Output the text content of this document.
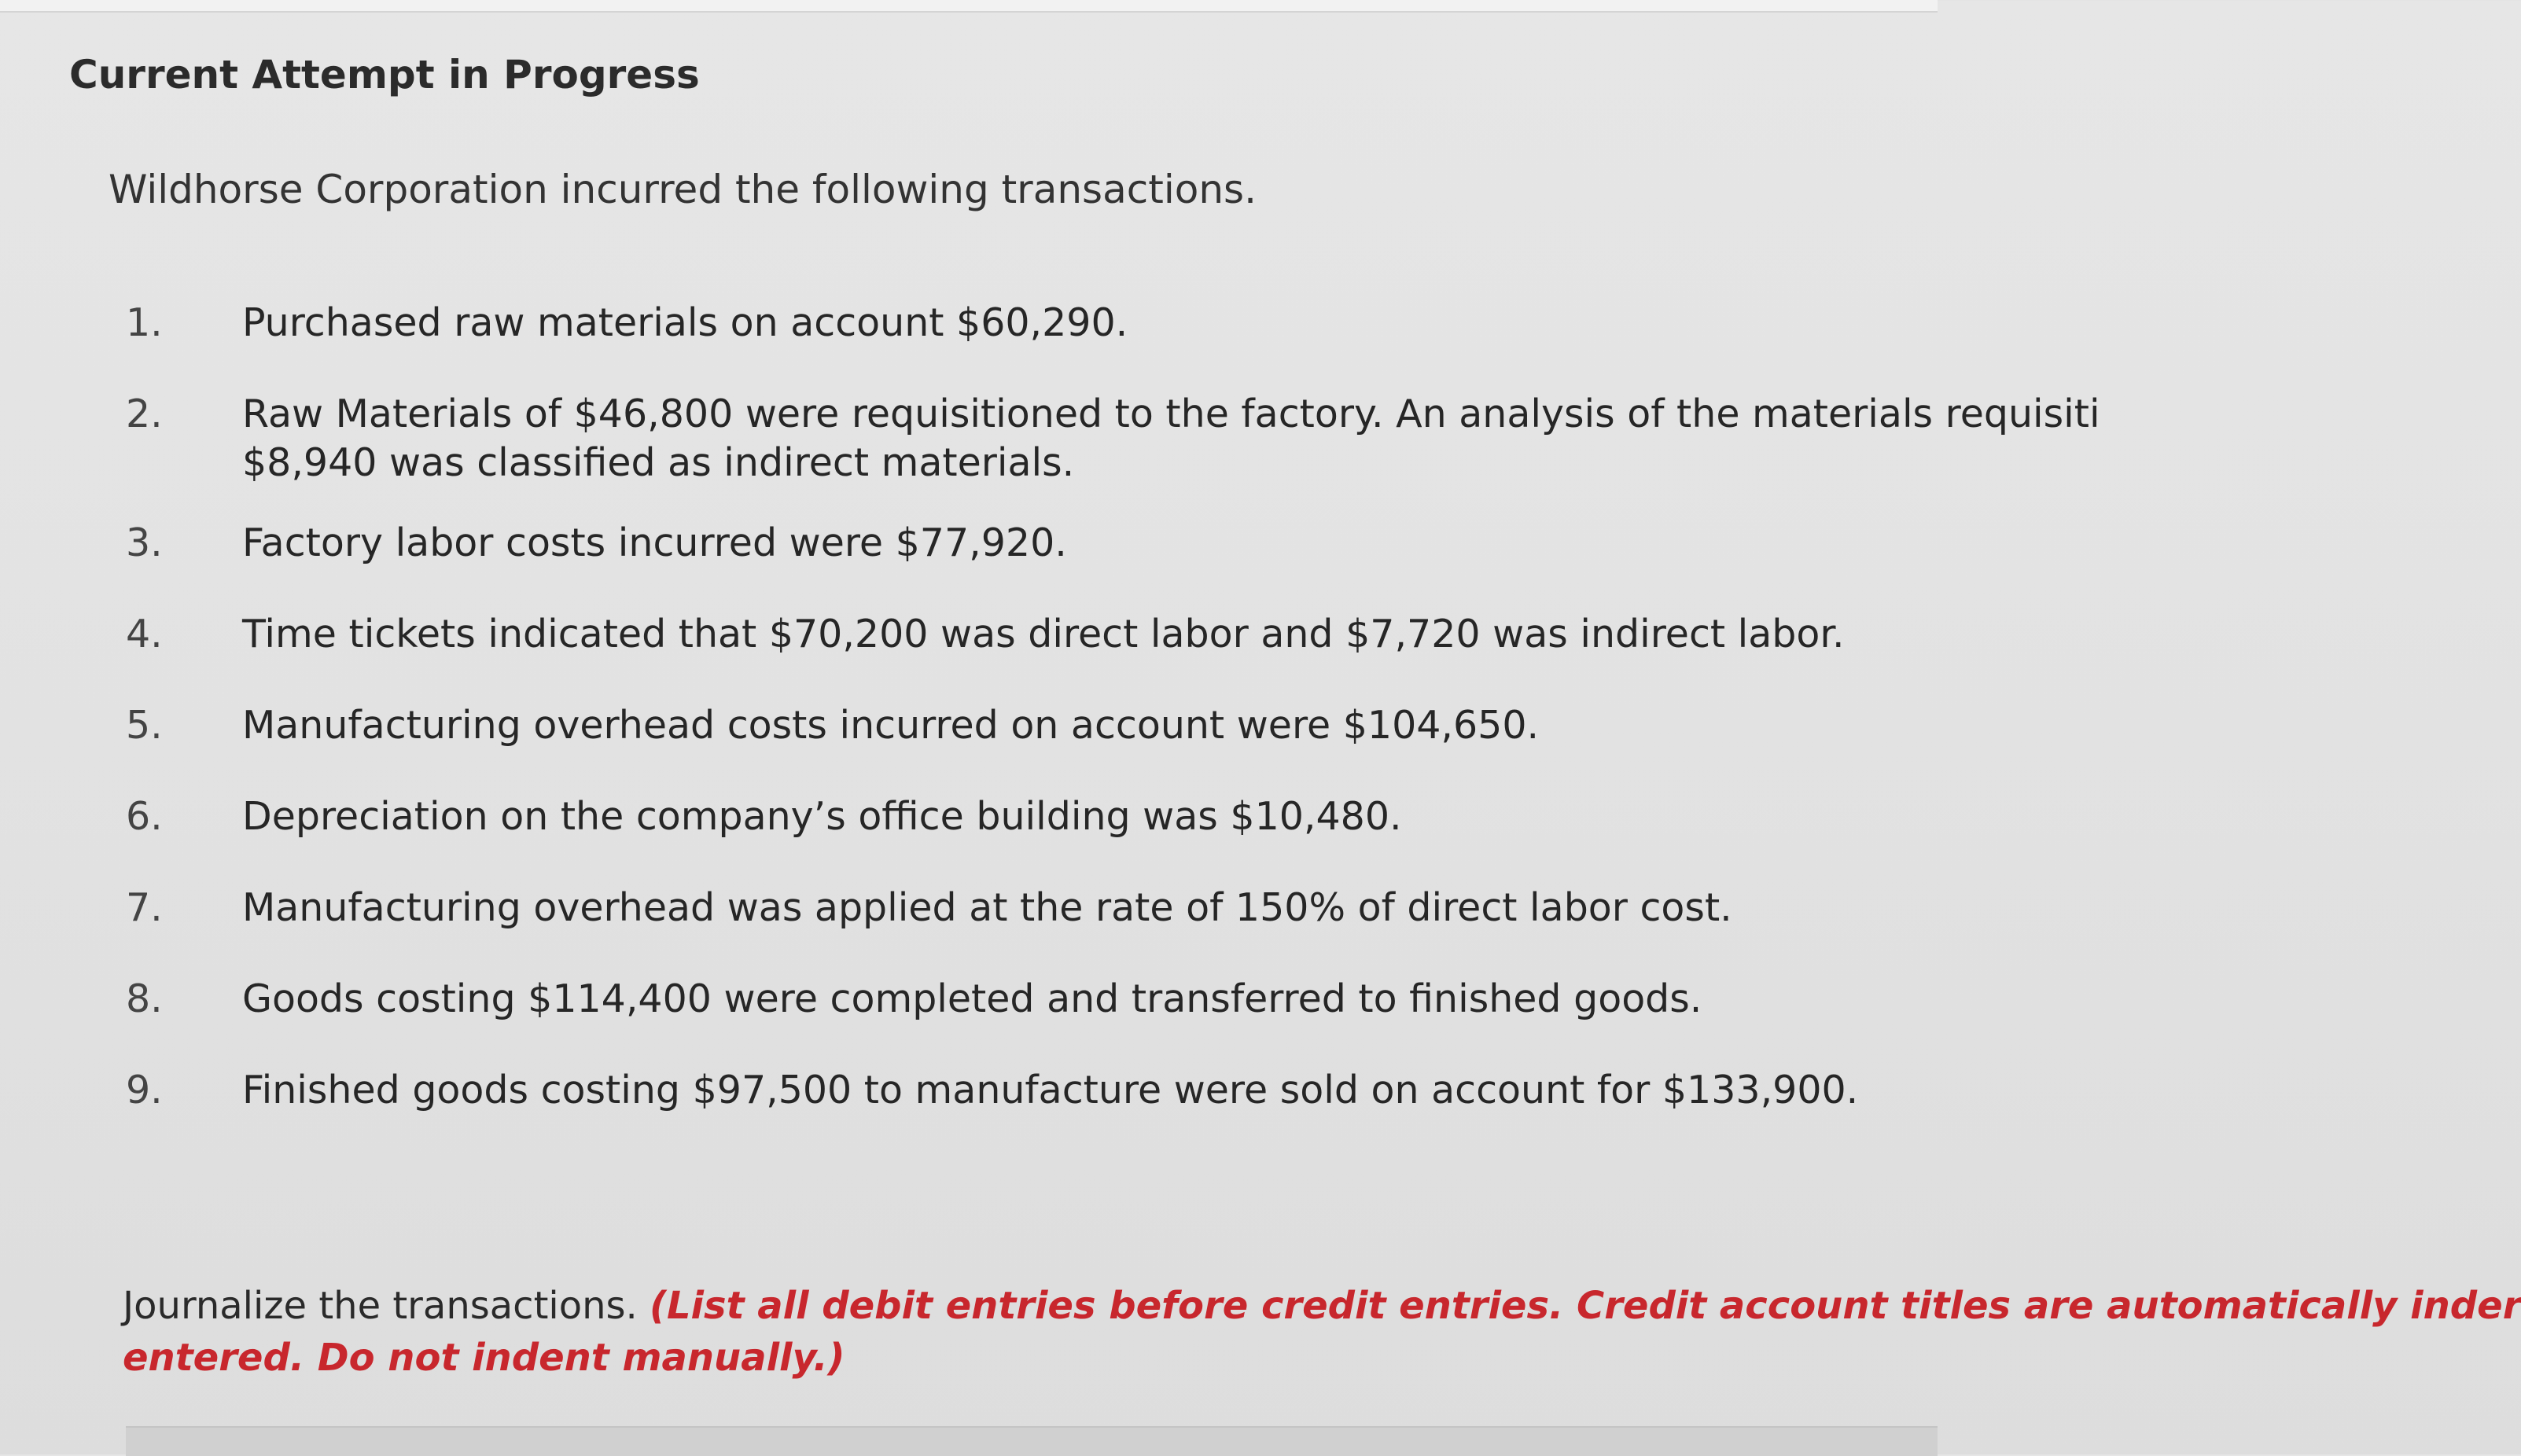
Current Attempt in Progress
Wildhorse Corporation incurred the following transactions.
1.	Purchased raw materials on account $60,290.
2.	Raw Materials of $46,800 were requisitioned to the factory. An analysis of the materials requisiti
$8,940 was classified as indirect materials.
3.	Factory labor costs incurred were $77,920.
4.	Time tickets indicated that $70,200 was direct labor and $7,720 was indirect labor.
5.	Manufacturing overhead costs incurred on account were $104,650.
6.	Depreciation on the company’s office building was $10,480.
7.	Manufacturing overhead was applied at the rate of 150% of direct labor cost.
8.	Goods costing $114,400 were completed and transferred to finished goods.
9.	Finished goods costing $97,500 to manufacture were sold on account for $133,900.
Journalize the transactions. (List all debit entries before credit entries. Credit account titles are automatically inder
entered. Do not indent manually.)
